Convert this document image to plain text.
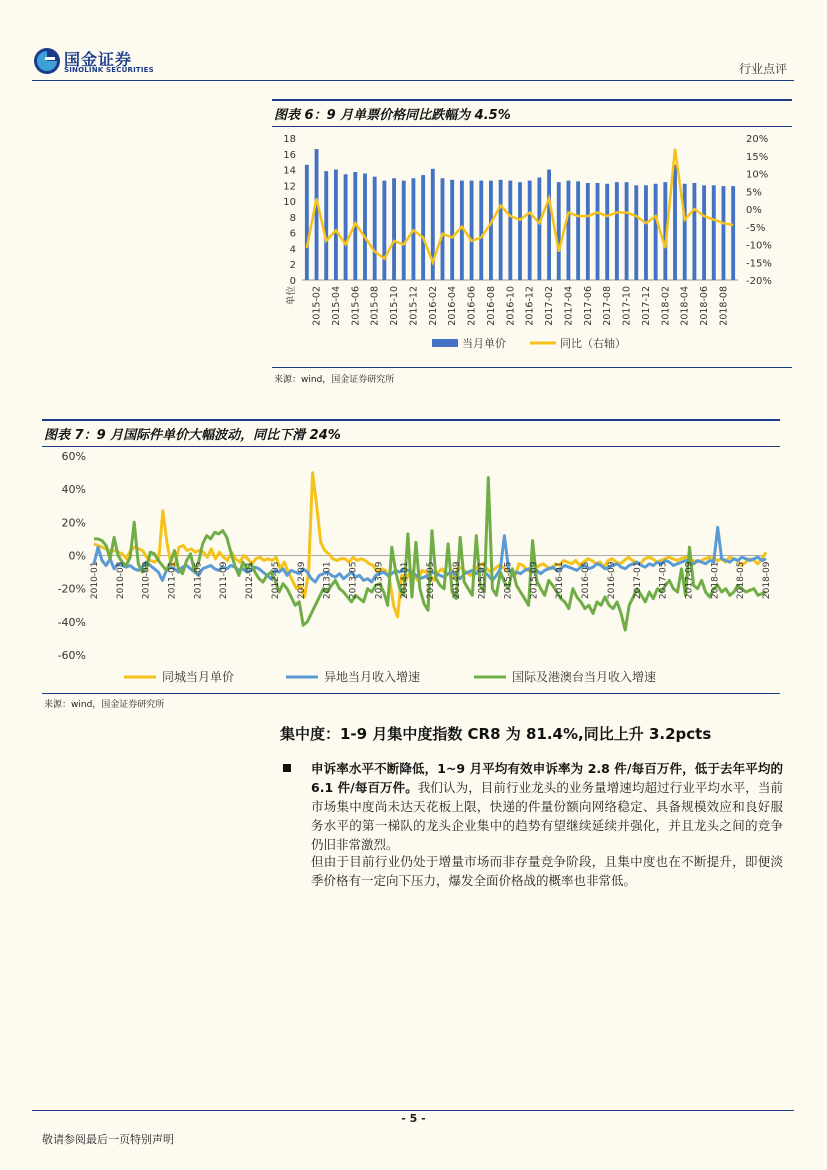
国金证券
SINOLINK SECURITIES	行业点评
图表 6：9 月单票价格同比跌幅为 4.5%
0
2
4
6
8
10
12
14
16
18
-20%
-15%
-10%
-5%
0%
5%
10%
15%
20%
2015-02 2015-04 2015-06 2015-08 2015-10 2015-12 2016-02 2016-04 2016-06 2016-08 2016-10 2016-12 2017-02 2017-04 2017-06 2017-08 2017-10 2017-12 2018-02 2018-04 2018-06 2018-08
单位
当月单价	同比（右轴）
来源：wind，国金证券研究所
图表 7：9 月国际件单价大幅波动，同比下滑 24%
-60%
-40%
-20%
0%
20%
40%
60%
2010-01 2010-05 2010-09 2011-01 2011-05 2011-09 2012-01 2012-05 2012-09 2013-01 2013-05 2013-09 2014-01 2014-05 2014-09 2015-01 2015-05 2015-09 2016-01 2016-05 2016-09 2017-01 2017-05 2017-09 2018-01 2018-05 2018-09
同城当月单价	异地当月收入增速	国际及港澳台当月收入增速
来源：wind，国金证券研究所
集中度：1-9 月集中度指数 CR8 为 81.4%,同比上升 3.2pcts
申诉率水平不断降低，1~9 月平均有效申诉率为 2.8 件/每百万件，低于去年平均的 6.1 件/每百万件。我们认为，目前行业龙头的业务量增速均超过行业平均水平，当前市场集中度尚未达天花板上限，快递的件量份额向网络稳定、具备规模效应和良好服务水平的第一梯队的龙头企业集中的趋势有望继续延续并强化，并且龙头之间的竞争仍旧非常激烈。
但由于目前行业仍处于增量市场而非存量竞争阶段，且集中度也在不断提升，即便淡季价格有一定向下压力，爆发全面价格战的概率也非常低。
- 5 -
敬请参阅最后一页特别声明
